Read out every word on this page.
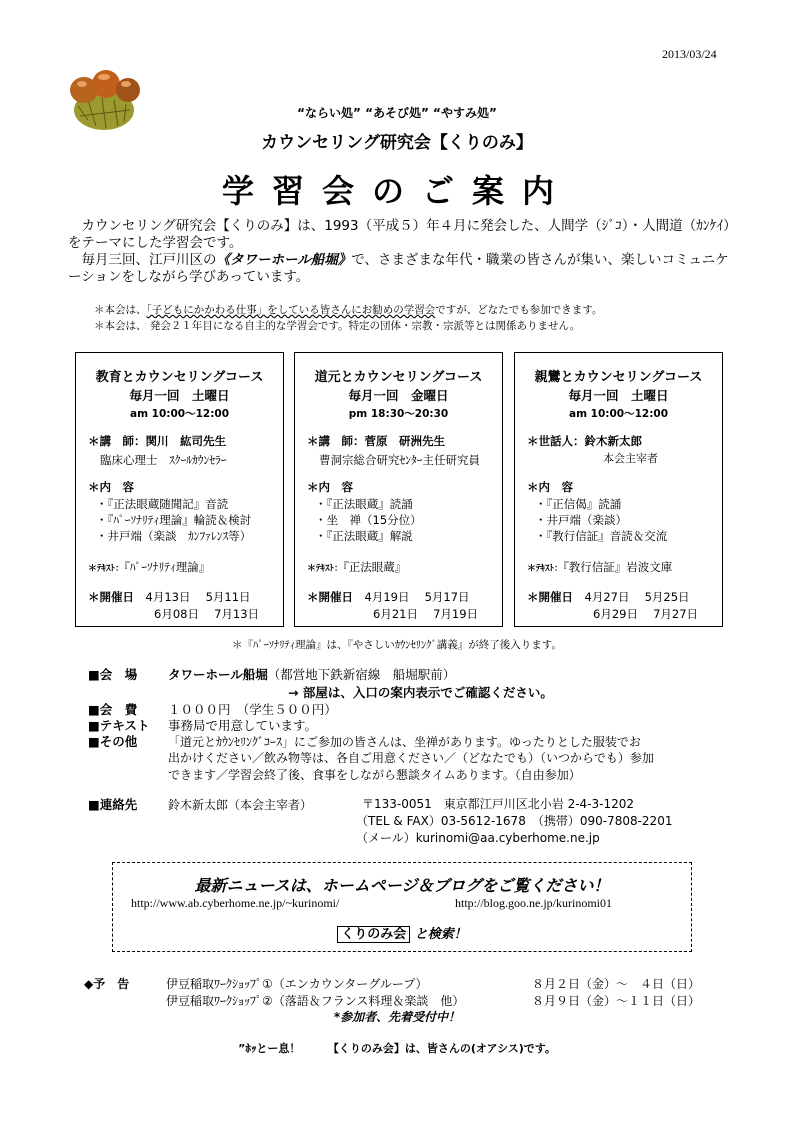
2013/03/24
“ならい処” “あそび処” “やすみ処”
カウンセリング研究会【くりのみ】
学習会のご案内

カウンセリング研究会【くりのみ】は、1993（平成５）年４月に発会した、人間学（ｼﾞｺ）・人間道（ｶﾝｹｲ）をテーマにした学習会です。

毎月三回、江戸川区の《タワーホール船堀》で、さまざまな年代・職業の皆さんが集い、楽しいコミュニケーションをしながら学びあっています。

＊本会は、「子どもにかかわる仕事」をしている皆さんにお勧めの学習会ですが、どなたでも参加できます。
＊本会は、 発会２１年目になる自主的な学習会です。特定の団体・宗教・宗派等とは関係ありません。
教育とカウンセリングコース
毎月一回　土曜日
am 10:00〜12:00
＊講　師：関川　紘司先生
臨床心理士　ｽｸｰﾙｶｳﾝｾﾗｰ
＊内　容
・『正法眼蔵随聞記』音読
・『ﾊﾟｰｿﾅﾘﾃｨ理論』輪読＆検討
・井戸端（楽談　ｶﾝﾌｧﾚﾝｽ等）
＊ﾃｷｽﾄ：『ﾊﾟｰｿﾅﾘﾃｨ理論』
＊開催日　 4月13日　 5月11日
6月08日　 7月13日
道元とカウンセリングコース
毎月一回　金曜日
pm 18:30〜20:30
＊講　師：菅原　研洲先生
曹洞宗総合研究ｾﾝﾀｰ主任研究員
＊内　容
・『正法眼蔵』読誦
・坐　禅（15分位）
・『正法眼蔵』解説
＊ﾃｷｽﾄ：『正法眼蔵』
＊開催日　 4月19日　 5月17日
6月21日　 7月19日
親鸞とカウンセリングコース
毎月一回　土曜日
am 10:00〜12:00
＊世話人：鈴木新太郎
本会主宰者
＊内　容
・『正信偈』読誦
・井戸端（楽談）
・『教行信証』音読＆交流
＊ﾃｷｽﾄ：『教行信証』岩波文庫
＊開催日　 4月27日　 5月25日
6月29日　 7月27日
＊『ﾊﾟｰｿﾅﾘﾃｨ理論』は、『やさしいｶｳﾝｾﾘﾝｸﾞ講義』が終了後入ります。
■会　場 タワーホール船堀（都営地下鉄新宿線　船堀駅前）
→ 部屋は、入口の案内表示でご確認ください。
■会　費 １０００円　（学生５００円）
■テキスト 事務局で用意しています。
■その他	「道元とｶｳﾝｾﾘﾝｸﾞｺｰｽ」にご参加の皆さんは、坐禅があります。ゆったりとした服装でお
出かけください／飲み物等は、各自ご用意ください／（どなたでも）（いつからでも）参加
できます／学習会終了後、食事をしながら懇談タイムあります。（自由参加）
■連絡先	鈴木新太郎（本会主宰者）	〒133-0051　東京都江戸川区北小岩 2-4-3-1202
（TEL & FAX）03-5612-1678　（携帯）090-7808-2201
（メール）kurinomi@aa.cyberhome.ne.jp
最新ニュースは、ホームページ＆ブログをご覧ください！
http://www.ab.cyberhome.ne.jp/~kurinomi/	http://blog.goo.ne.jp/kurinomi01
くりのみ会 と検索！
◆予　告	伊豆稲取ﾜｰｸｼｮｯﾌﾟ①（エンカウンターグループ）	８月２日（金）〜　４日（日）
伊豆稲取ﾜｰｸｼｮｯﾌﾟ②（落語＆フランス料理＆楽談　他）	８月９日（金）〜１１日（日）
*参加者、先着受付中！
”ﾎｯとー息！　　　	【くりのみ会】は、皆さんの(オアシス)です。
